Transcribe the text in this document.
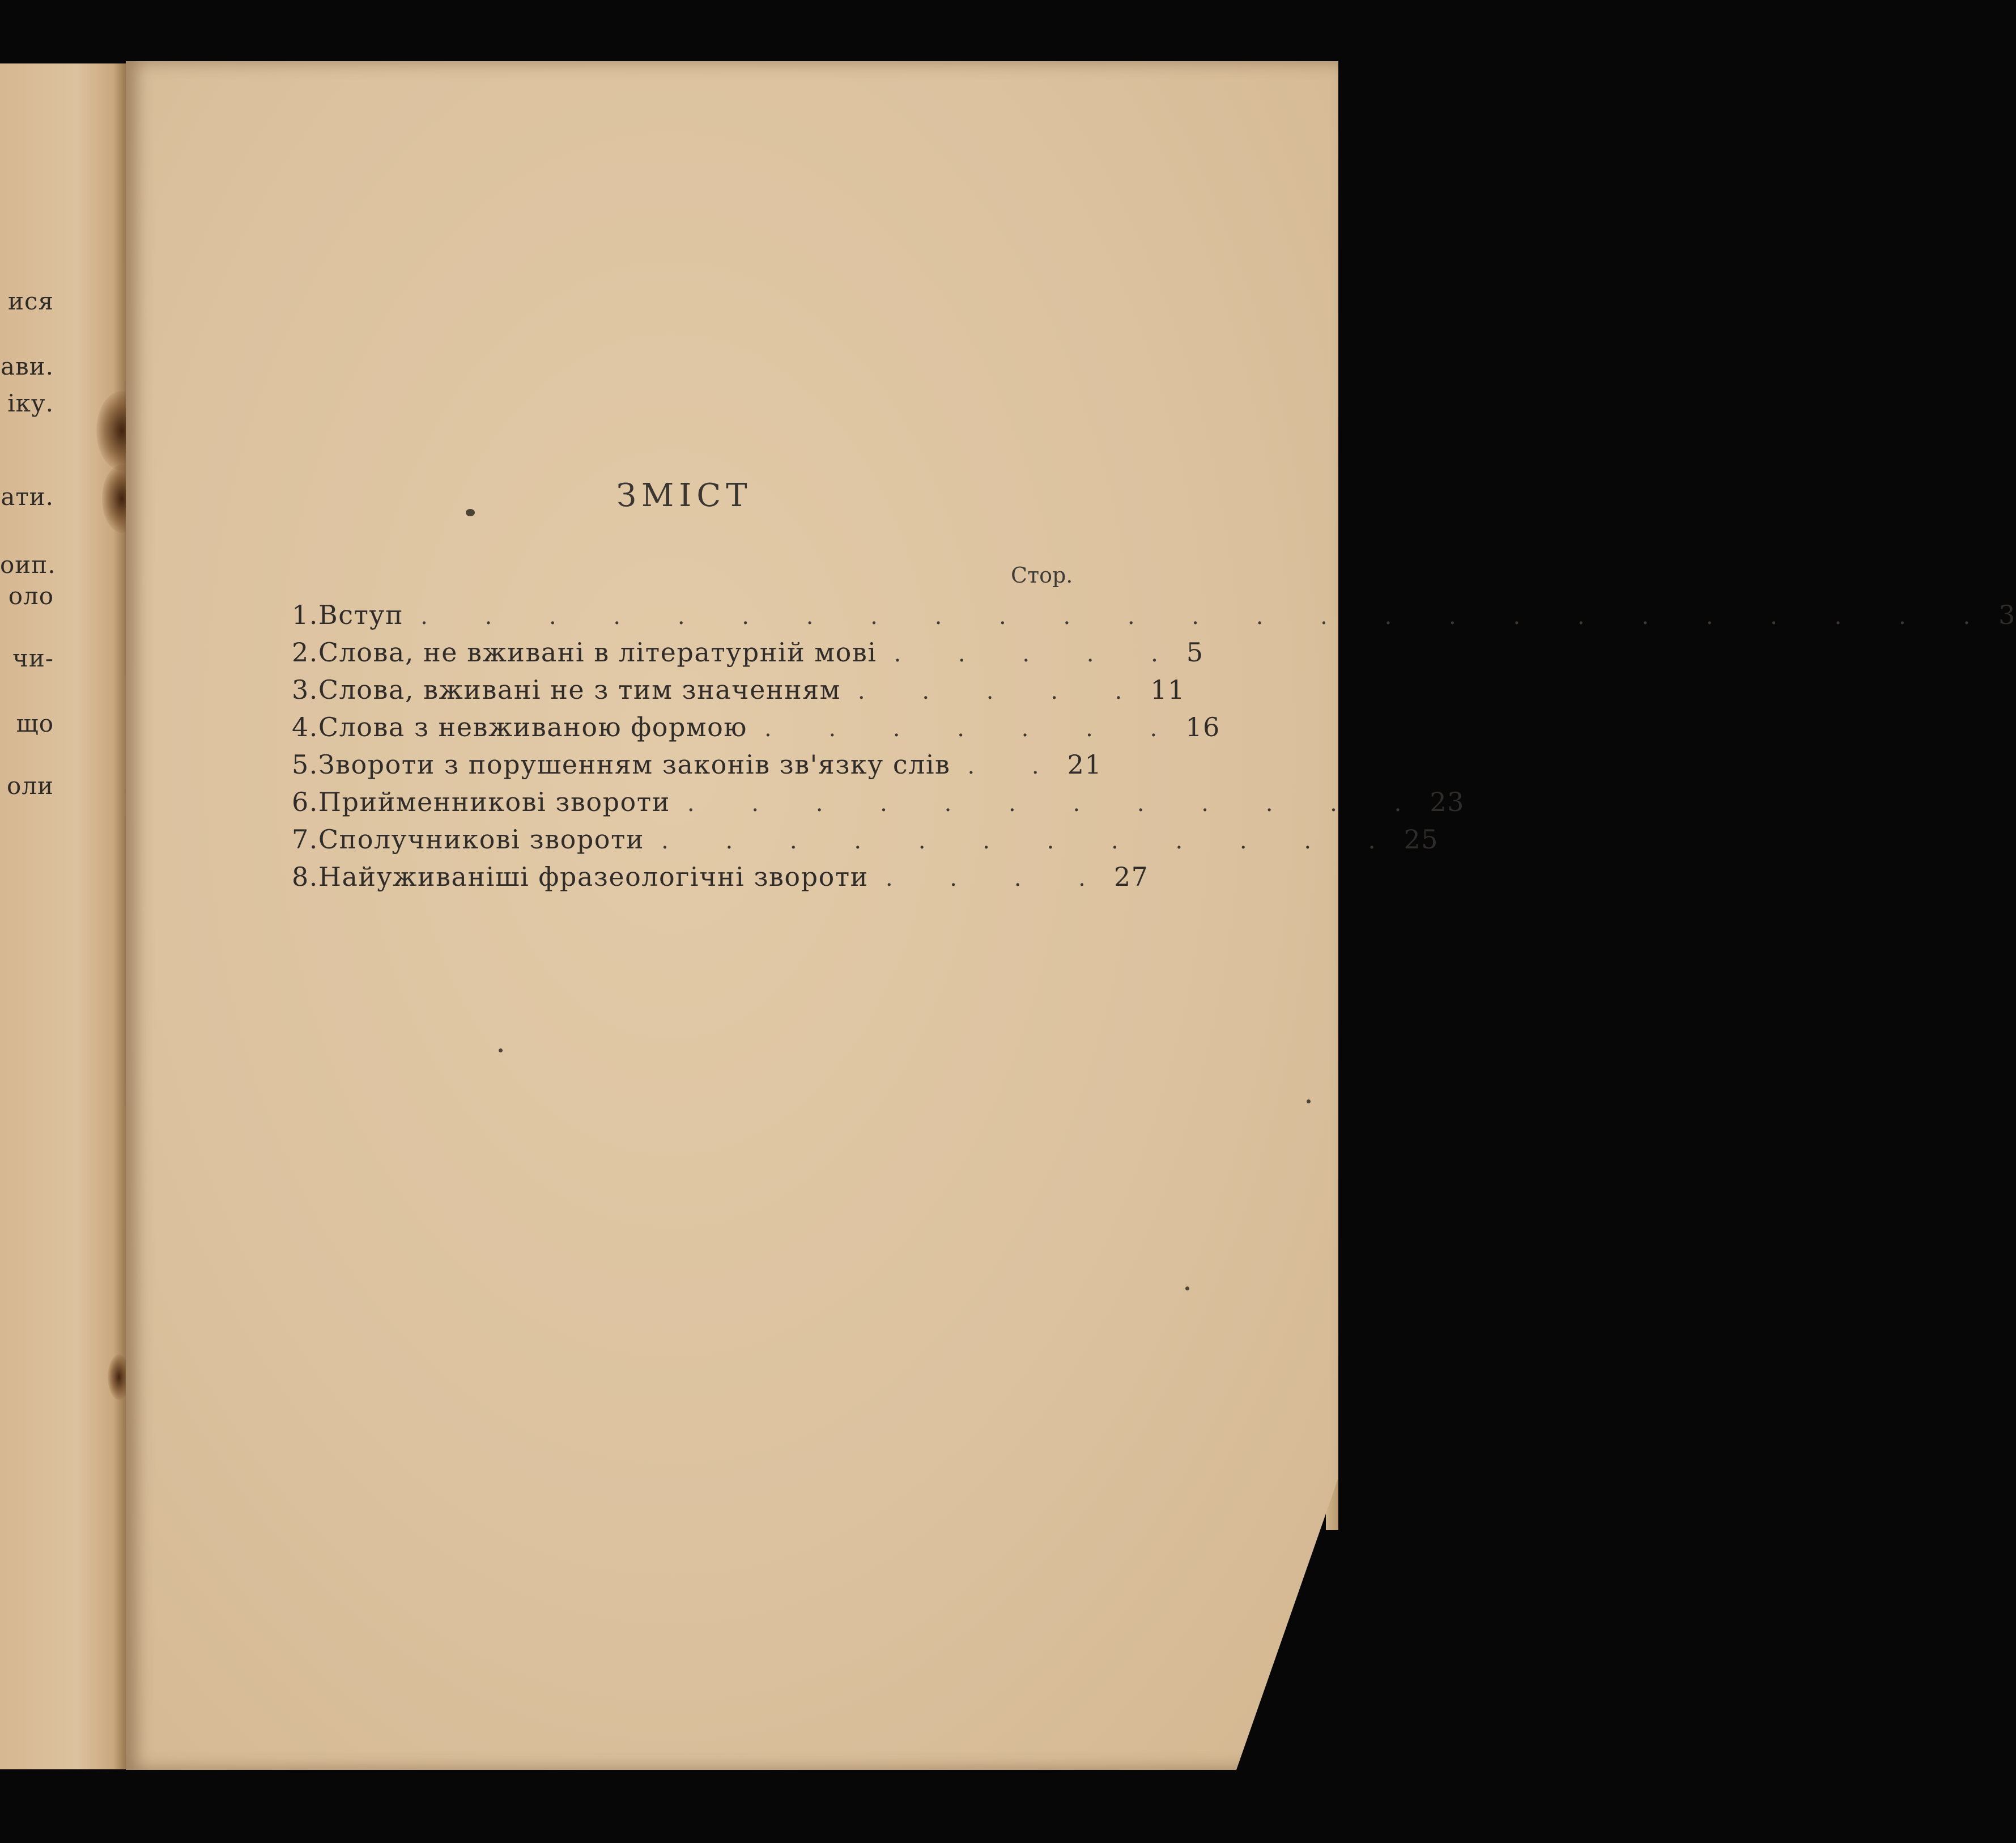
ися
ави.
іку.
ати.
оип.
оло
чи-
що
оли
ЗМІСТ
Стор.
1. Вступ . . . . . . . . . . . . . . . . . . . . . . . . . 3
2. Слова, не вживані в літературній мові . . . . . 5
3. Слова, вживані не з тим значенням . . . . . 11
4. Слова з невживаною формою . . . . . . . 16
5. Звороти з порушенням законів зв'язку слів . . 21
6. Прийменникові звороти . . . . . . . . . . . . 23
7. Сполучникові звороти . . . . . . . . . . . . 25
8. Найуживаніші фразеологічні звороти . . . . 27
